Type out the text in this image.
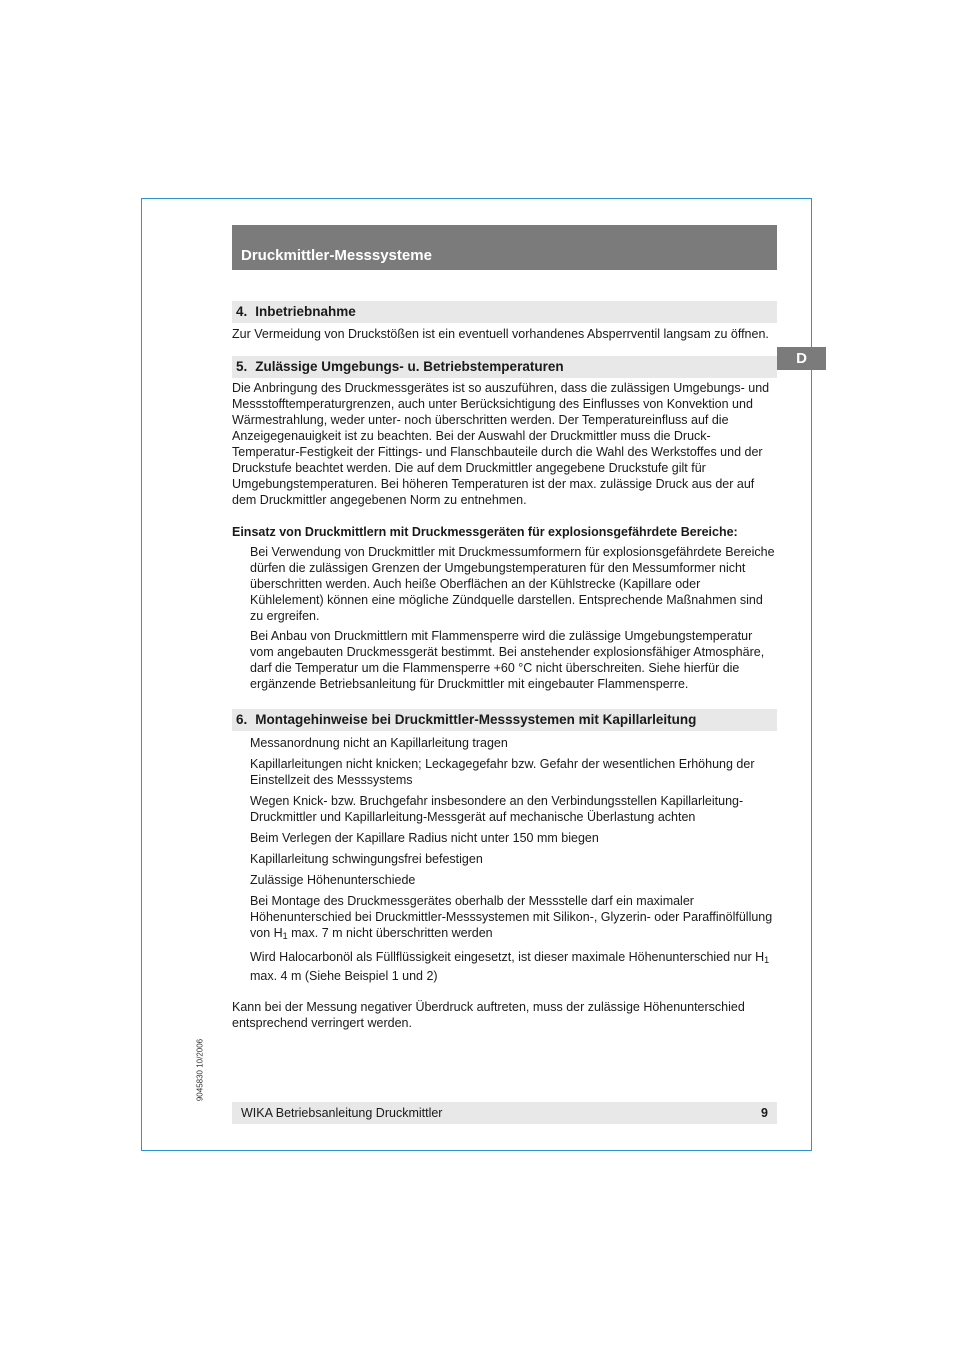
Druckmittler-Messsysteme
D
9045830 10/2006
4. Inbetriebnahme

Zur Vermeidung von Druckstößen ist ein eventuell vorhandenes Absperrventil langsam zu öffnen.

5. Zulässige Umgebungs- u. Betriebstemperaturen

Die Anbringung des Druckmessgerätes ist so auszuführen, dass die zulässigen Umgebungs- und Messstofftemperaturgrenzen, auch unter Berücksichtigung des Einflusses von Konvektion und Wärmestrahlung, weder unter- noch überschritten werden. Der Temperatureinfluss auf die Anzeigegenauigkeit ist zu beachten. Bei der Auswahl der Druckmittler muss die Druck-Temperatur-Festigkeit der Fittings- und Flanschbauteile durch die Wahl des Werkstoffes und der Druckstufe beachtet werden. Die auf dem Druckmittler angegebene Druckstufe gilt für Umgebungstemperaturen. Bei höheren Temperaturen ist der max. zulässige Druck aus der auf dem Druckmittler angegebenen Norm zu entnehmen.

Einsatz von Druckmittlern mit Druckmessgeräten für explosionsgefährdete Bereiche:

Bei Verwendung von Druckmittler mit Druckmessumformern für explosionsgefährdete Bereiche dürfen die zulässigen Grenzen der Umgebungstemperaturen für den Messumformer nicht überschritten werden. Auch heiße Oberflächen an der Kühlstrecke (Kapillare oder Kühlelement) können eine mögliche Zündquelle darstellen. Entsprechende Maßnahmen sind zu ergreifen.

Bei Anbau von Druckmittlern mit Flammensperre wird die zulässige Umgebungstemperatur vom angebauten Druckmessgerät bestimmt. Bei anstehender explosionsfähiger Atmosphäre, darf die Temperatur um die Flammensperre +60 °C nicht überschreiten. Siehe hierfür die ergänzende Betriebsanleitung für Druckmittler mit eingebauter Flammensperre.

6. Montagehinweise bei Druckmittler-Messsystemen mit Kapillarleitung

Messanordnung nicht an Kapillarleitung tragen

Kapillarleitungen nicht knicken; Leckagegefahr bzw. Gefahr der wesentlichen Erhöhung der Einstellzeit des Messsystems

Wegen Knick- bzw. Bruchgefahr insbesondere an den Verbindungsstellen Kapillarleitung-Druckmittler und Kapillarleitung-Messgerät auf mechanische Überlastung achten

Beim Verlegen der Kapillare Radius nicht unter 150 mm biegen

Kapillarleitung schwingungsfrei befestigen

Zulässige Höhenunterschiede

Bei Montage des Druckmessgerätes oberhalb der Messstelle darf ein maximaler Höhenunterschied bei Druckmittler-Messsystemen mit Silikon-, Glyzerin- oder Paraffinölfüllung von $H_1$ max. 7 m nicht überschritten werden

Wird Halocarbonöl als Füllflüssigkeit eingesetzt, ist dieser maximale Höhenunterschied nur $H_1$ max. 4 m (Siehe Beispiel 1 und 2)

Kann bei der Messung negativer Überdruck auftreten, muss der zulässige Höhenunterschied entsprechend verringert werden.

WIKA Betriebsanleitung Druckmittler	9
